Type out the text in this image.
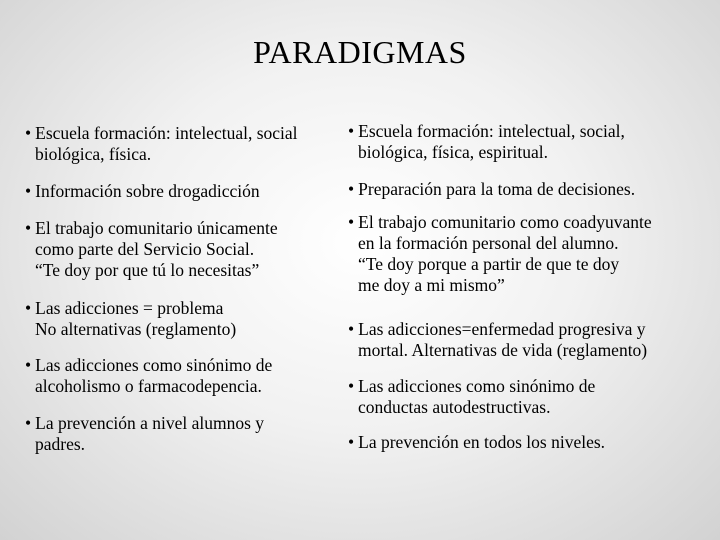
PARADIGMAS
• Escuela formación: intelectual, social
biológica, física.
• Información sobre drogadicción
• El trabajo comunitario únicamente
como parte del Servicio Social.
“Te doy por que tú lo necesitas”
• Las adicciones = problema
No alternativas (reglamento)
• Las adicciones como sinónimo de
alcoholismo o farmacodepencia.
• La prevención a nivel alumnos y
padres.
• Escuela formación: intelectual, social,
biológica, física, espiritual.
• Preparación para la toma de decisiones.
• El trabajo comunitario como coadyuvante
en la formación personal del alumno.
“Te doy porque a partir de que te doy
me doy a mi mismo”
• Las adicciones=enfermedad progresiva y
mortal. Alternativas de vida (reglamento)
• Las adicciones como sinónimo de
conductas autodestructivas.
• La prevención en todos los niveles.
